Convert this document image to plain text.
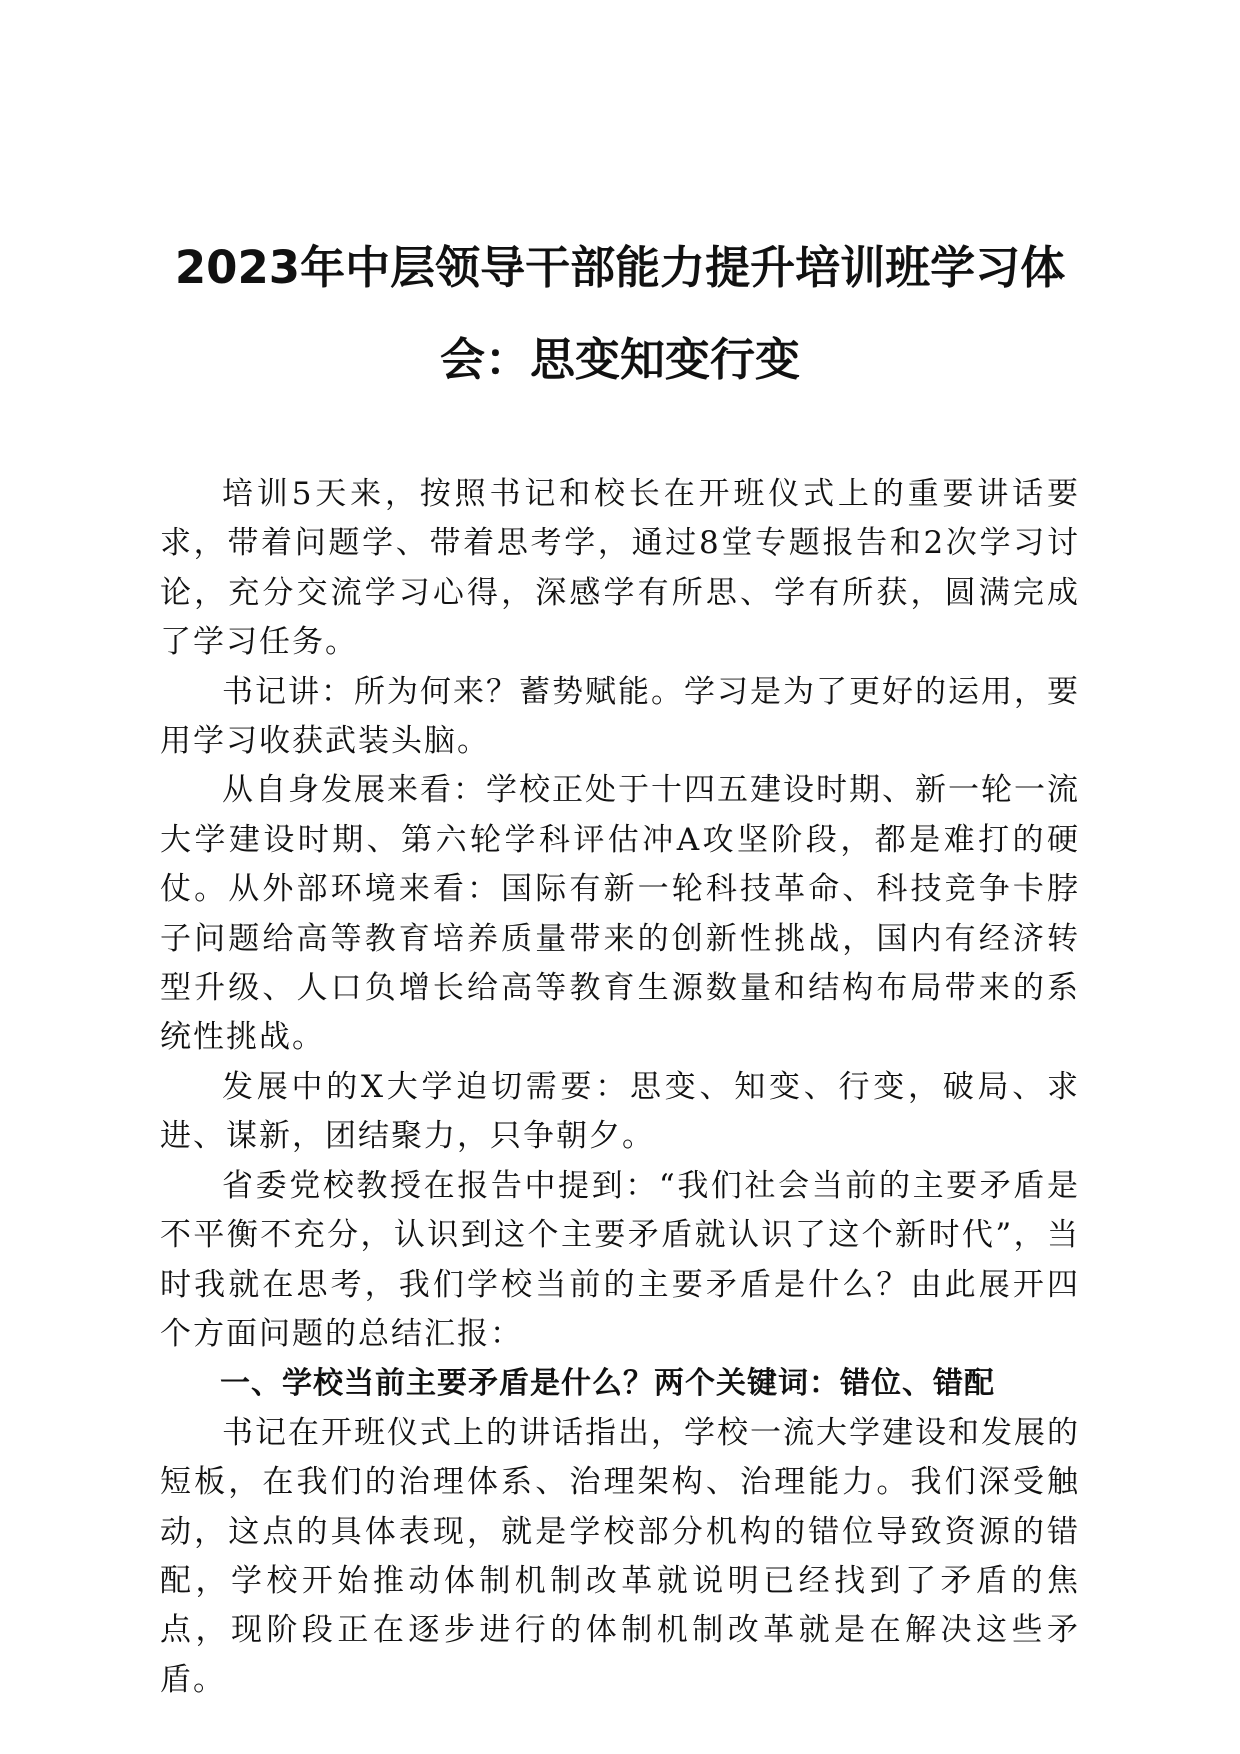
2023年中层领导干部能力提升培训班学习体
会：思变知变行变

培训5天来，按照书记和校长在开班仪式上的重要讲话要求，带着问题学、带着思考学，通过8堂专题报告和2次学习讨论，充分交流学习心得，深感学有所思、学有所获，圆满完成了学习任务。

书记讲：所为何来？蓄势赋能。学习是为了更好的运用，要用学习收获武装头脑。

从自身发展来看：学校正处于十四五建设时期、新一轮一流大学建设时期、第六轮学科评估冲A攻坚阶段，都是难打的硬仗。从外部环境来看：国际有新一轮科技革命、科技竞争卡脖子问题给高等教育培养质量带来的创新性挑战，国内有经济转型升级、人口负增长给高等教育生源数量和结构布局带来的系统性挑战。

发展中的X大学迫切需要：思变、知变、行变，破局、求进、谋新，团结聚力，只争朝夕。

省委党校教授在报告中提到：“我们社会当前的主要矛盾是不平衡不充分，认识到这个主要矛盾就认识了这个新时代”，当时我就在思考，我们学校当前的主要矛盾是什么？由此展开四个方面问题的总结汇报：

一、学校当前主要矛盾是什么？两个关键词：错位、错配

书记在开班仪式上的讲话指出，学校一流大学建设和发展的短板，在我们的治理体系、治理架构、治理能力。我们深受触动，这点的具体表现，就是学校部分机构的错位导致资源的错配，学校开始推动体制机制改革就说明已经找到了矛盾的焦点，现阶段正在逐步进行的体制机制改革就是在解决这些矛盾。
